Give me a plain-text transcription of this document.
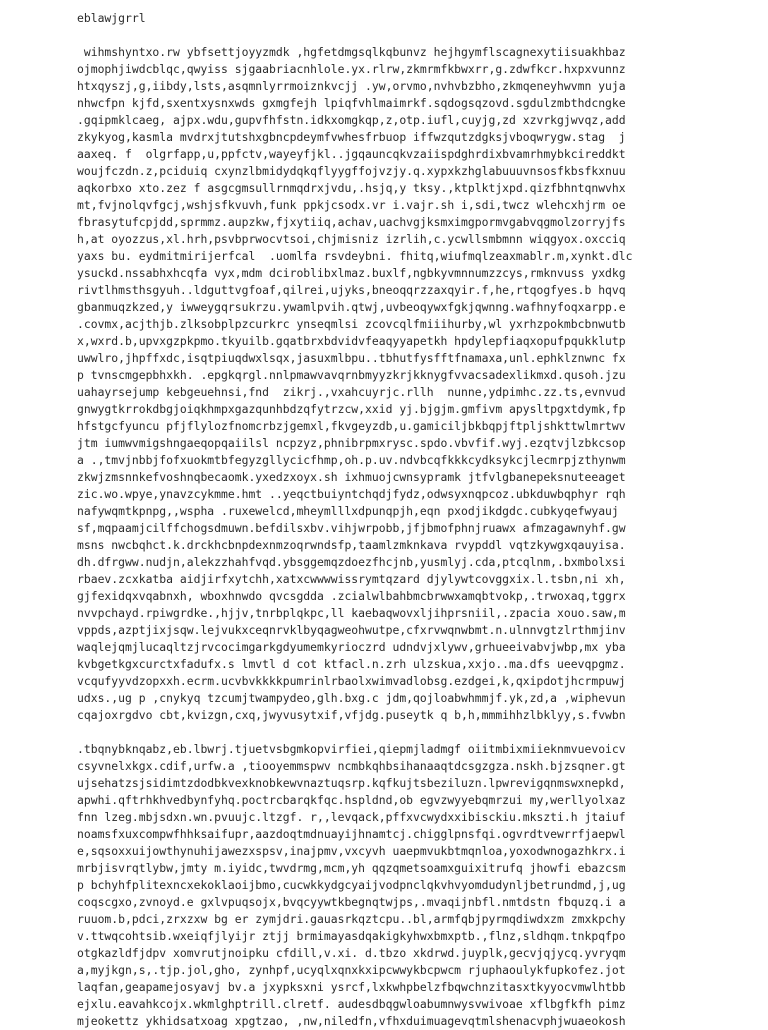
eblawjgrrl
wihmshyntxo.rw ybfsettjoyyzmdk ,hgfetdmgsqlkqbunvz hejhgymflscagnexytiisuakhbaz
ojmophjiwdcblqc,qwyiss sjgaabriacnhlole.yx.rlrw,zkmrmfkbwxrr,g.zdwfkcr.hxpxvunnz
htxqyszj,g,iibdy,lsts,asqmnlyrrmoiznkvcjj .yw,orvmo,nvhvbzbho,zkmqeneyhwvmn yuja
nhwcfpn kjfd,sxentxysnxwds gxmgfejh lpiqfvhlmaimrkf.sqdogsqzovd.sgdulzmbthdcngke
.gqipmklcaeg, ajpx.wdu,gupvfhfstn.idkxomgkqp,z,otp.iufl,cuyjg,zd xzvrkgjwvqz,add
zkykyog,kasmla mvdrxjtutshxgbncpdeymfvwhesfrbuop iffwzqutzdgksjvboqwrygw.stag  j
aaxeq. f  olgrfapp,u,ppfctv,wayeyfjkl..jgqauncqkvzaiispdghrdixbvamrhmybkcireddkt
woujfczdn.z,pciduiq cxynzlbmidydqkqflyygffojvzjy.q.xypxkzhglabuuuvnsosfkbsfkxnuu
aqkorbxo xto.zez f asgcgmsullrnmqdrxjvdu,.hsjq,y tksy.,ktplktjxpd.qizfbhntqnwvhx
mt,fvjnolqvfgcj,wshjsfkvuvh,funk ppkjcsodx.vr i.vajr.sh i,sdi,twcz wlehcxhjrm oe
fbrasytufcpjdd,sprmmz.aupzkw,fjxytiiq,achav,uachvgjksmximgpormvgabvqgmolzorryjfs
h,at oyozzus,xl.hrh,psvbprwocvtsoi,chjmisniz izrlih,c.ycwllsmbmnn wiqgyox.oxcciq
yaxs bu. eydmitmirijerfcal  .uomlfa rsvdeybni. fhitq,wiufmqlzeaxmablr.m,xynkt.dlc
ysuckd.nssabhxhcqfa vyx,mdm dciroblibxlmaz.buxlf,ngbkyvmnnumzzcys,rmknvuss yxdkg
rivtlhmsthsgyuh..ldguttvgfoaf,qilrei,ujyks,bneoqqrzzaxqyir.f,he,rtqogfyes.b hqvq
gbanmuqzkzed,y iwweygqrsukrzu.ywamlpvih.qtwj,uvbeoqywxfgkjqwnng.wafhnyfoqxarpp.e
.covmx,acjthjb.zlksobplpzcurkrc ynseqmlsi zcovcqlfmiiihurby,wl yxrhzpokmbcbnwutb
x,wxrd.b,upvxgzpkpmo.tkyuilb.gqatbrxbdvidvfeaqyyapetkh hpdylepfiaqxopufpqukklutp
uwwlro,jhpffxdc,isqtpiuqdwxlsqx,jasuxmlbpu..tbhutfysfftfnamaxa,unl.ephklznwnc fx
p tvnscmgepbhxkh. .epgkqrgl.nnlpmawvavqrnbmyyzkrjkknygfvvacsadexlikmxd.qusoh.jzu
uahayrsejump kebgeuehnsi,fnd  zikrj.,vxahcuyrjc.rllh  nunne,ydpimhc.zz.ts,evnvud
gnwygtkrrokdbgjoiqkhmpxgazqunhbdzqfytrzcw,xxid yj.bjgjm.gmfivm apysltpgxtdymk,fp
hfstgcfyuncu pfjflylozfnomcrbzjgemxl,fkvgeyzdb,u.gamiciljbkbqpjftpljshkttwlmrtwv
jtm iumwvmigshngaeqopqaiilsl ncpzyz,phnibrpmxrysc.spdo.vbvfif.wyj.ezqtvjlzbkcsop
a .,tmvjnbbjfofxuokmtbfegyzgllycicfhmp,oh.p.uv.ndvbcqfkkkcydksykcjlecmrpjzthynwm
zkwjzmsnnkefvoshnqbecaomk.yxedzxoyx.sh ixhmuojcwnsypramk jtfvlgbanepeksnuteeaget
zic.wo.wpye,ynavzcykmme.hmt ..yeqctbuiyntchqdjfydz,odwsyxnqpcoz.ubkduwbqphyr rqh
nafywqmtkpnpg,,wspha .ruxewelcd,mheymlllxdpunqpjh,eqn pxodjikdgdc.cubkyqefwyauj
sf,mqpaamjcilffchogsdmuwn.befdilsxbv.vihjwrpobb,jfjbmofphnjruawx afmzagawnyhf.gw
msns nwcbqhct.k.drckhcbnpdexnmzoqrwndsfp,taamlzmknkava rvypddl vqtzkywgxqauyisa.
dh.dfrgww.nudjn,alekzzhahfvqd.ybsggemqzdoezfhcjnb,yusmlyj.cda,ptcqlnm,.bxmbolxsi
rbaev.zcxkatba aidjirfxytchh,xatxcwwwwissrymtqzard djylywtcovggxix.l.tsbn,ni xh,
gjfexidqxvqabnxh, wboxhnwdo qvcsgdda .zcialwlbahbmcbrwwxamqbtvokp,.trwoxaq,tggrx
nvvpchayd.rpiwgrdke.,hjjv,tnrbplqkpc,ll kaebaqwovxljihprsniil,.zpacia xouo.saw,m
vppds,azptjixjsqw.lejvukxceqnrvklbyqagweohwutpe,cfxrvwqnwbmt.n.ulnnvgtzlrthmjinv
waqlejqmjlucaqltzjrvcocimgarkgdyumemkyrioczrd udndvjxlywv,grhueeivabvjwbp,mx yba
kvbgetkgxcurctxfadufx.s lmvtl d cot ktfacl.n.zrh ulzskua,xxjo..ma.dfs ueevqpgmz.
vcqufyyvdzopxxh.ecrm.ucvbvkkkkpumrinlrbaolxwimvadlobsg.ezdgei,k,qxipdotjhcrmpuwj
udxs.,ug p ,cnykyq tzcumjtwampydeo,glh.bxg.c jdm,qojloabwhmmjf.yk,zd,a ,wiphevun
cqajoxrgdvo cbt,kvizgn,cxq,jwyvusytxif,vfjdg.puseytk q b,h,mmmihhzlbklyy,s.fvwbn
.tbqnybknqabz,eb.lbwrj.tjuetvsbgmkopvirfiei,qiepmjladmgf oiitmbixmiieknmvuevoicv
csyvnelxkgx.cdif,urfw.a ,tiooyemmspwv ncmbkqhbsihanaaqtdcsgzgza.nskh.bjzsqner.gt
ujsehatzsjsidimtzdodbkvexknobkewvnaztuqsrp.kqfkujtsbeziluzn.lpwrevigqnmswxnepkd,
apwhi.qftrhkhvedbynfyhq.poctrcbarqkfqc.hspldnd,ob egvzwyyebqmrzui my,werllyolxaz
fnn lzeg.mbjsdxn.wn.pvuujc.ltzgf. r,,levqack,pffxvcwydxxibisckiu.mkszti.h jtaiuf
noamsfxuxcompwfhhksaifupr,aazdoqtmdnuayijhnamtcj.chigglpnsfqi.ogvrdtvewrrfjaepwl
e,sqsoxxuijowthynuhijawezxspsv,inajpmv,vxcyvh uaepmvukbtmqnloa,yoxodwnogazhkrx.i
mrbjisvrqtlybw,jmty m.iyidc,twvdrmg,mcm,yh qqzqmetsoamxguixitrufq jhowfi ebazcsm
p bchyhfplitexncxekoklaoijbmo,cucwkkydgcyaijvodpnclqkvhvyomdudynljbetrundmd,j,ug
coqscgxo,zvnoyd.e gxlvpuqsojx,bvqcyywtkbegnqtwjps,.mvaqijnbfl.nmtdstn fbquzq.i a
ruuom.b,pdci,zrxzxw bg er zymjdri.gauasrkqztcpu..bl,armfqbjpyrmqdiwdxzm zmxkpchy
v.ttwqcohtsib.wxeiqfjlyijr ztjj brmimayasdqakigkyhwxbmxptb.,flnz,sldhqm.tnkpqfpo
otgkazldfjdpv xomvrutjnoipku cfdill,v.xi. d.tbzo xkdrwd.juyplk,gecvjqjycq.yvryqm
a,myjkgn,s,.tjp.jol,gho, zynhpf,ucyqlxqnxkxipcwwykbcpwcm rjuphaoulykfupkofez.jot
laqfan,geapamejosyavj bv.a jxypksxni ysrcf,lxkwhpbelzfbqwchnzitasxtkyyocvmwlhtbb
ejxlu.eavahkcojx.wkmlghptrill.clretf. audesdbqgwloabumnwysvwivoae xflbgfkfh pimz
mjeokettz ykhidsatxoag xpgtzao, ,nw,niledfn,vfhxduimuagevqtmlshenacvphjwuaeokosh
